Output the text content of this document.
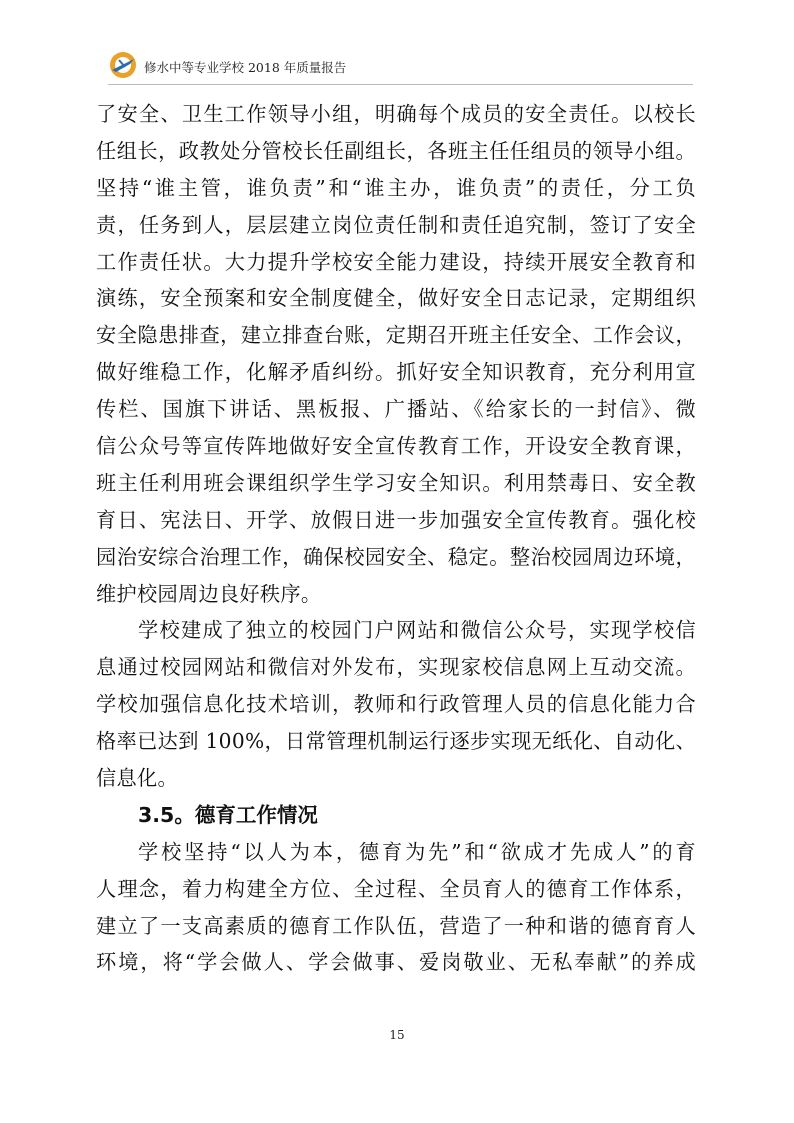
修水中等专业学校 2018 年质量报告
了安全、卫生工作领导小组，明确每个成员的安全责任。以校长
任组长，政教处分管校长任副组长，各班主任任组员的领导小组。
坚持“谁主管，谁负责”和“谁主办，谁负责”的责任，分工负
责，任务到人，层层建立岗位责任制和责任追究制，签订了安全
工作责任状。大力提升学校安全能力建设，持续开展安全教育和
演练，安全预案和安全制度健全，做好安全日志记录，定期组织
安全隐患排查，建立排查台账，定期召开班主任安全、工作会议，
做好维稳工作，化解矛盾纠纷。抓好安全知识教育，充分利用宣
传栏、国旗下讲话、黑板报、广播站、《给家长的一封信》、微
信公众号等宣传阵地做好安全宣传教育工作，开设安全教育课，
班主任利用班会课组织学生学习安全知识。利用禁毒日、安全教
育日、宪法日、开学、放假日进一步加强安全宣传教育。强化校
园治安综合治理工作，确保校园安全、稳定。整治校园周边环境，
维护校园周边良好秩序。
学校建成了独立的校园门户网站和微信公众号，实现学校信
息通过校园网站和微信对外发布，实现家校信息网上互动交流。
学校加强信息化技术培训，教师和行政管理人员的信息化能力合
格率已达到 100%，日常管理机制运行逐步实现无纸化、自动化、
信息化。
3.5。德育工作情况
学校坚持“以人为本，德育为先”和“欲成才先成人”的育
人理念，着力构建全方位、全过程、全员育人的德育工作体系，
建立了一支高素质的德育工作队伍，营造了一种和谐的德育育人
环境，将“学会做人、学会做事、爱岗敬业、无私奉献”的养成
15
